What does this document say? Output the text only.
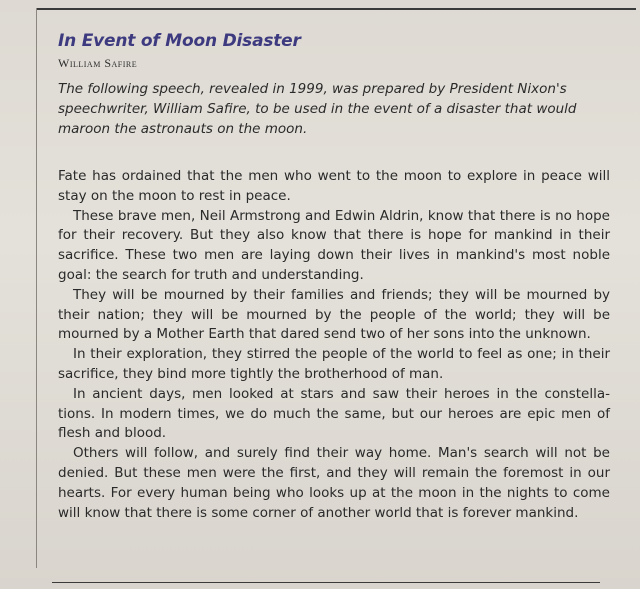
In Event of Moon Disaster
William Safire

The following speech, revealed in 1999, was prepared by President Nixon's speechwriter, William Safire, to be used in the event of a disaster that would maroon the astronauts on the moon.

Fate has ordained that the men who went to the moon to explore in peace will stay on the moon to rest in peace.

These brave men, Neil Armstrong and Edwin Aldrin, know that there is no hope for their recovery. But they also know that there is hope for mankind in their sacrifice. These two men are laying down their lives in mankind's most noble goal: the search for truth and understanding.

They will be mourned by their families and friends; they will be mourned by their nation; they will be mourned by the people of the world; they will be mourned by a Mother Earth that dared send two of her sons into the unknown.

In their exploration, they stirred the people of the world to feel as one; in their sacrifice, they bind more tightly the brotherhood of man.

In ancient days, men looked at stars and saw their heroes in the constella-tions. In modern times, we do much the same, but our heroes are epic men of flesh and blood.

Others will follow, and surely find their way home. Man's search will not be denied. But these men were the first, and they will remain the foremost in our hearts. For every human being who looks up at the moon in the nights to come will know that there is some corner of another world that is forever mankind.
